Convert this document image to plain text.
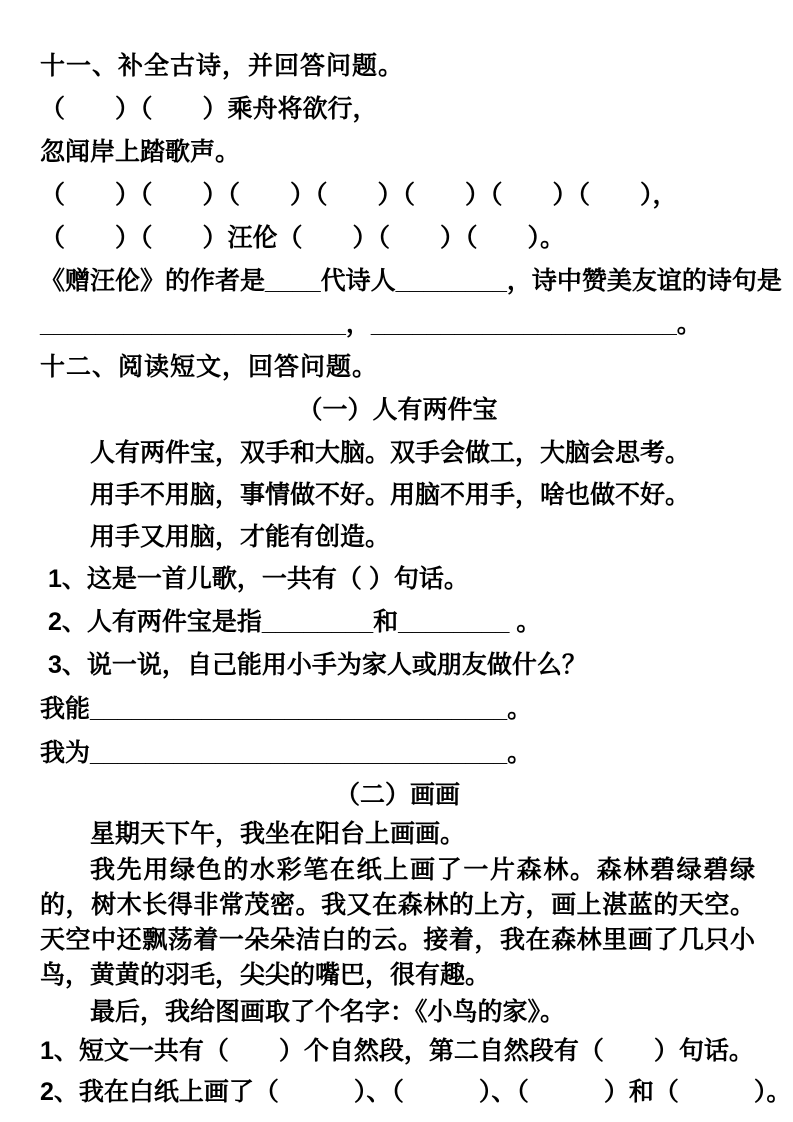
十一、补全古诗，并回答问题。
（　　）（　　）乘舟将欲行，
忽闻岸上踏歌声。
（　　）（　　）（　　）（　　）（　　）（　　）（　　），
（　　）（　　）汪伦（　　）（　　）（　　）。
《赠汪伦》的作者是____代诗人________，诗中赞美友谊的诗句是
______________________，______________________。
十二、阅读短文，回答问题。
（一）人有两件宝
人有两件宝，双手和大脑。双手会做工，大脑会思考。
用手不用脑，事情做不好。用脑不用手，啥也做不好。
用手又用脑，才能有创造。
1、这是一首儿歌，一共有（ ）句话。
2、人有两件宝是指________和________ 。
3、说一说，自己能用小手为家人或朋友做什么？
我能______________________________。
我为______________________________。
（二）画画
星期天下午，我坐在阳台上画画。
我先用绿色的水彩笔在纸上画了一片森林。森林碧绿碧绿的，树木长得非常茂密。我又在森林的上方，画上湛蓝的天空。天空中还飘荡着一朵朵洁白的云。接着，我在森林里画了几只小鸟，黄黄的羽毛，尖尖的嘴巴，很有趣。
最后，我给图画取了个名字：《小鸟的家》。
1、短文一共有（　　）个自然段，第二自然段有（　　）句话。
2、我在白纸上画了（　　　）、（　　　）、（　　　）和（　　　）。
